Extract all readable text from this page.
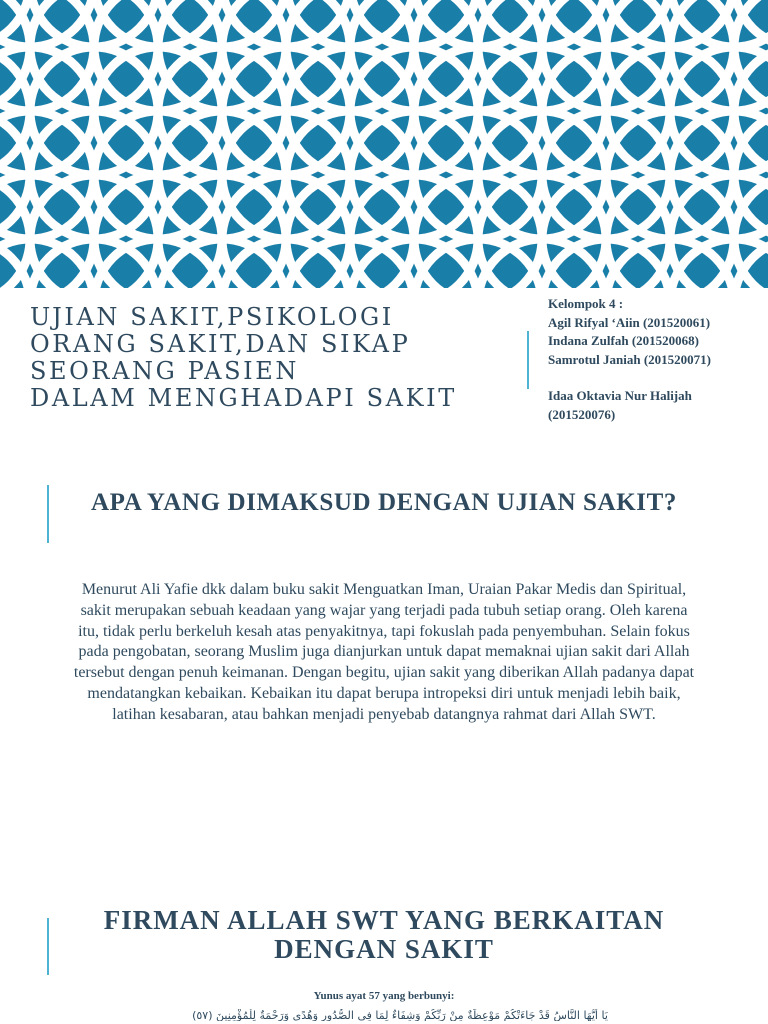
UJIAN SAKIT,PSIKOLOGI
ORANG SAKIT,DAN SIKAP
SEORANG PASIEN
DALAM MENGHADAPI SAKIT
Kelompok 4 :
Agil Rifyal ‘Aiin (201520061)
Indana Zulfah (201520068)
Samrotul Janiah (201520071)
Idaa Oktavia Nur Halijah
(201520076)
APA YANG DIMAKSUD DENGAN UJIAN SAKIT?
Menurut Ali Yafie dkk dalam buku sakit Menguatkan Iman, Uraian Pakar Medis dan Spiritual, sakit merupakan sebuah keadaan yang wajar yang terjadi pada tubuh setiap orang. Oleh karena itu, tidak perlu berkeluh kesah atas penyakitnya, tapi fokuslah pada penyembuhan. Selain fokus pada pengobatan, seorang Muslim juga dianjurkan untuk dapat memaknai ujian sakit dari Allah tersebut dengan penuh keimanan. Dengan begitu, ujian sakit yang diberikan Allah padanya dapat mendatangkan kebaikan. Kebaikan itu dapat berupa intropeksi diri untuk menjadi lebih baik, latihan kesabaran, atau bahkan menjadi penyebab datangnya rahmat dari Allah SWT.
FIRMAN ALLAH SWT YANG BERKAITAN DENGAN SAKIT
Yunus ayat 57 yang berbunyi:
يَا أَيُّهَا النَّاسُ قَدْ جَاءَتْكُمْ مَوْعِظَةٌ مِنْ رَبِّكُمْ وَشِفَاءٌ لِمَا فِي الصُّدُورِ وَهُدًى وَرَحْمَةٌ لِلْمُؤْمِنِينَ (٥٧)
